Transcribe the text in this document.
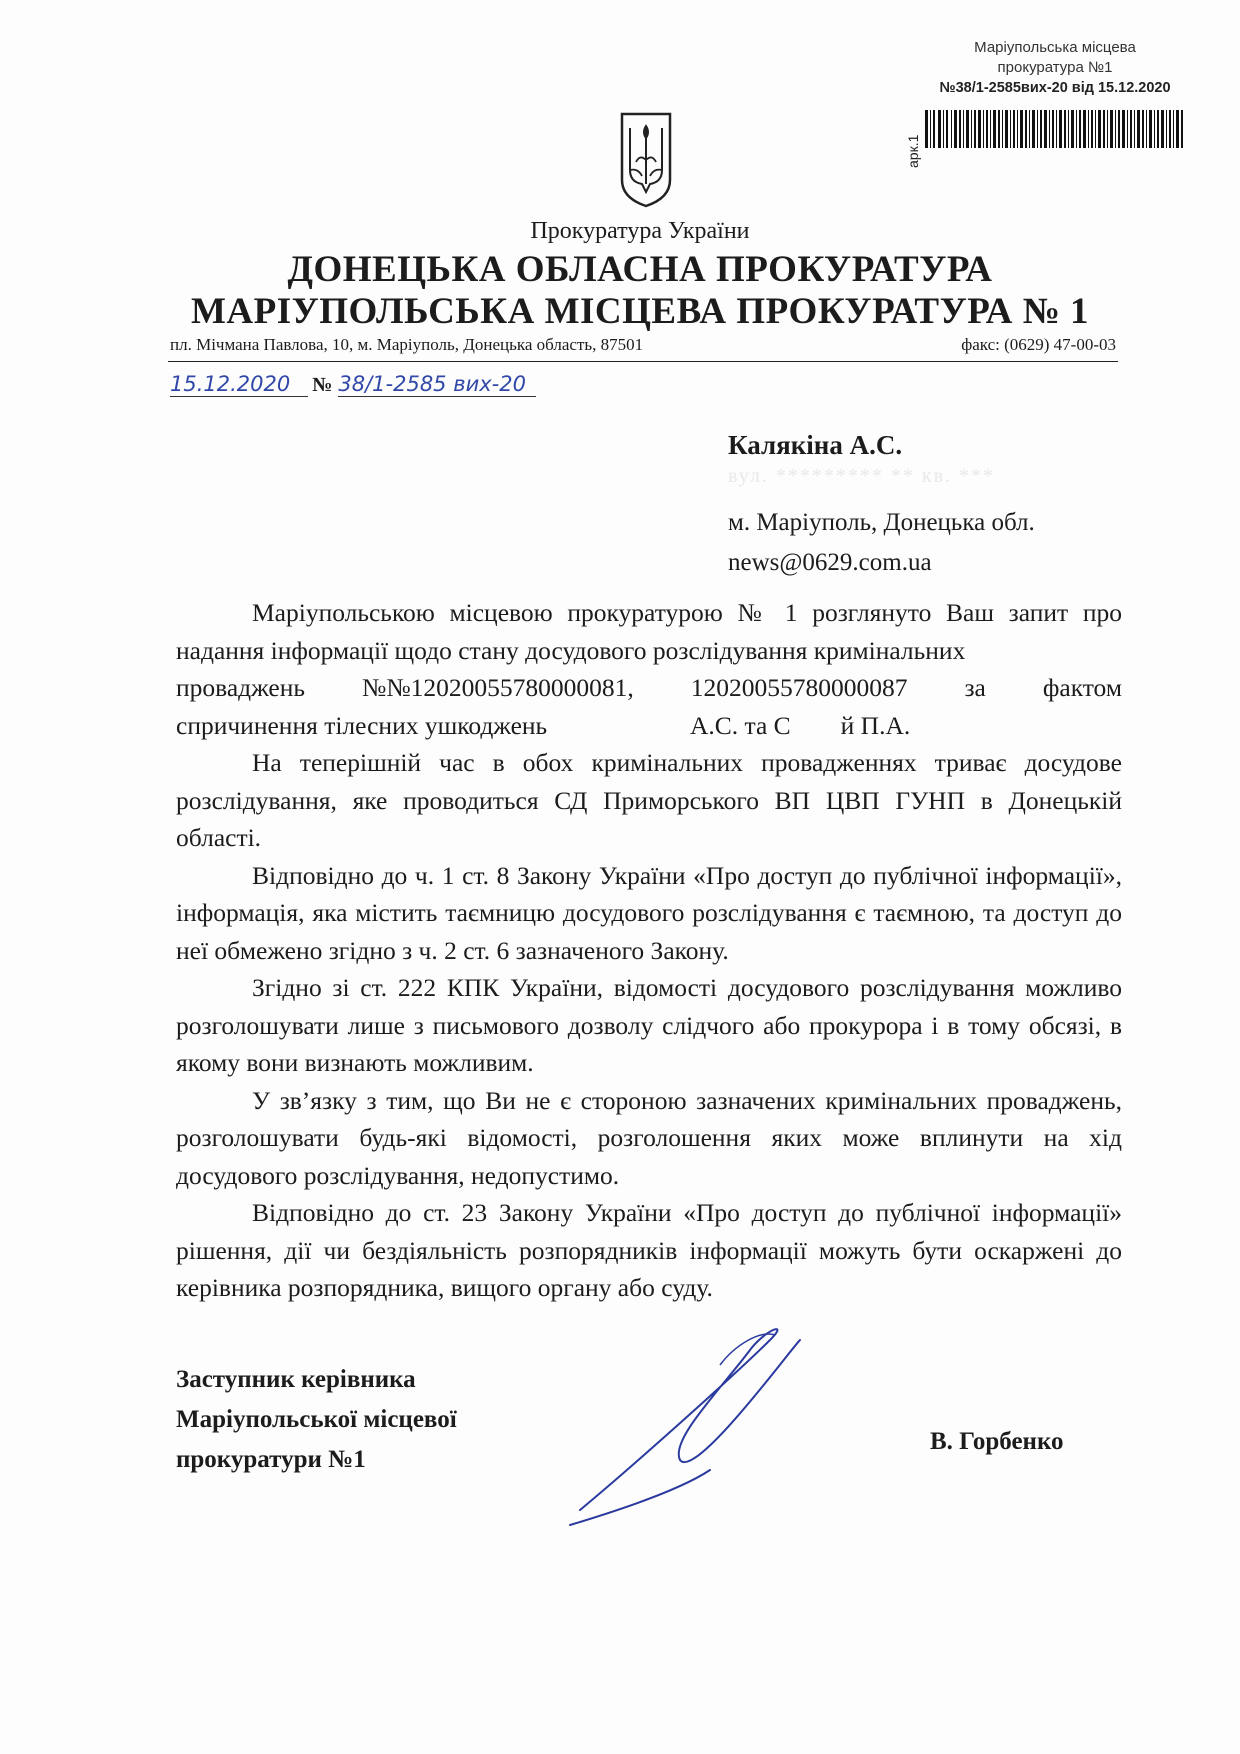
Маріупольська місцева
прокуратура №1
№38/1-2585вих-20 від 15.12.2020
арк.1
Прокуратура України
ДОНЕЦЬКА ОБЛАСНА ПРОКУРАТУРА
МАРІУПОЛЬСЬКА МІСЦЕВА ПРОКУРАТУРА № 1
пл. Мічмана Павлова, 10, м. Маріуполь, Донецька область, 87501	факс: (0629) 47-00-03
15.12.2020	№ 38/1-2585 вих-20
Калякіна А.С.
вул. ********* ** кв. ***
м. Маріуполь, Донецька обл.
news@0629.com.ua

Маріупольською місцевою прокуратурою № 1 розглянуто Ваш запит про надання інформації щодо стану досудового розслідування кримінальних

проваджень №№12020055780000081, 12020055780000087 за фактом
спричинення тілесних ушкоджень	А.С. та С й П.А.

На теперішній час в обох кримінальних провадженнях триває досудове розслідування, яке проводиться СД Приморського ВП ЦВП ГУНП в Донецькій області.

Відповідно до ч. 1 ст. 8 Закону України «Про доступ до публічної інформації», інформація, яка містить таємницю досудового розслідування є таємною, та доступ до неї обмежено згідно з ч. 2 ст. 6 зазначеного Закону.

Згідно зі ст. 222 КПК України, відомості досудового розслідування можливо розголошувати лише з письмового дозволу слідчого або прокурора і в тому обсязі, в якому вони визнають можливим.

У зв’язку з тим, що Ви не є стороною зазначених кримінальних проваджень, розголошувати будь-які відомості, розголошення яких може вплинути на хід досудового розслідування, недопустимо.

Відповідно до ст. 23 Закону України «Про доступ до публічної інформації» рішення, дії чи бездіяльність розпорядників інформації можуть бути оскаржені до керівника розпорядника, вищого органу або суду.

Заступник керівника
Маріупольської місцевої
прокуратури №1
В. Горбенко
